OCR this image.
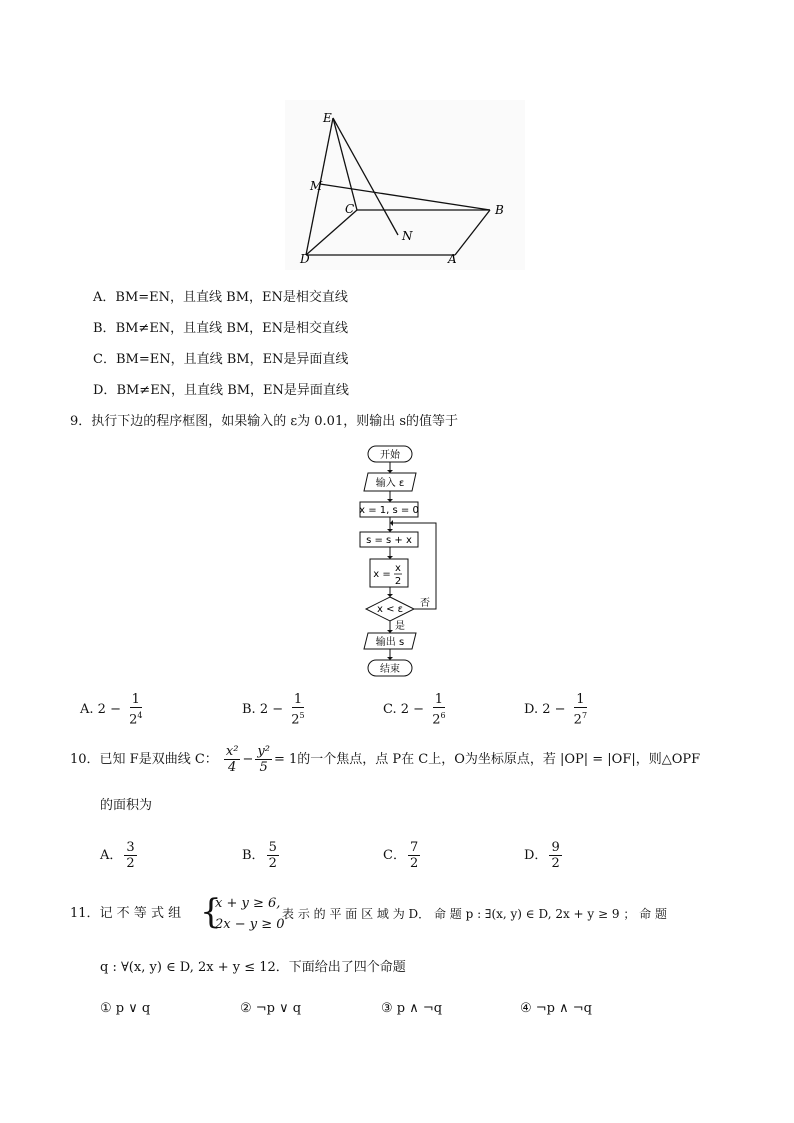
E
M
C	B
N
D	A
A．BM=EN，且直线 BM，EN是相交直线
B．BM≠EN，且直线 BM，EN是相交直线
C．BM=EN，且直线 BM，EN是异面直线
D．BM≠EN，且直线 BM，EN是异面直线
9．执行下边的程序框图，如果输入的 ε为 0.01，则输出 s的值等于
开始
输入 ε
x = 1, s = 0
s = s + x
x =
x
2
x < ε
否
是
输出 s
结束
A. $2 - \frac{1}{2^4}$	B. $2 - \frac{1}{2^5}$	C. $2 - \frac{1}{2^6}$	D. $2 - \frac{1}{2^7}$
10．已知 F是双曲线 C： $\frac{\text{x²}}{4} - \frac{\text{y²}}{5} = 1$的一个焦点，点 P在 C上，O为坐标原点，若 |OP| = |OF|，则△OPF
的面积为
A． $\frac{3}{2}$	B． $\frac{5}{2}$	C． $\frac{7}{2}$	D． $\frac{9}{2}$
11．记 不 等 式 组 {
x + y ≥ 6,
2x − y ≥ 0
表 示 的 平 面 区 域 为 D． 命 题 p : ∃(x, y) ∈ D, 2x + y ≥ 9 ； 命 题
q : ∀(x, y) ∈ D, 2x + y ≤ 12．下面给出了四个命题
① p ∨ q	② ¬p ∨ q	③ p ∧ ¬q	④ ¬p ∧ ¬q
